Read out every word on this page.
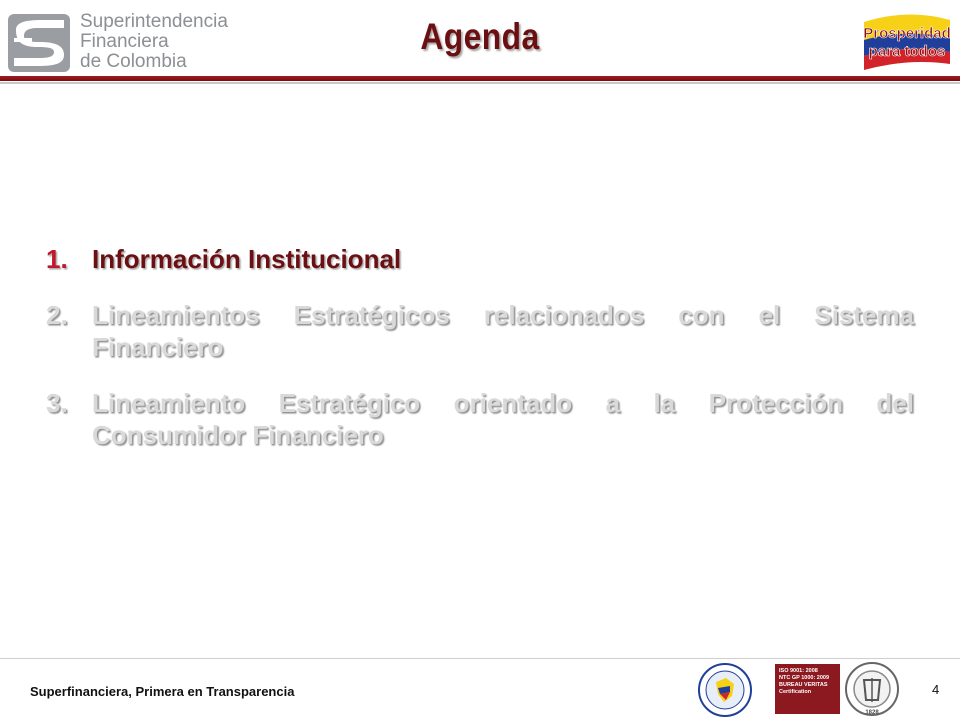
Superintendencia
Financiera
de Colombia
Agenda	Prosperidad
para todos
1. Información Institucional
2. Lineamientos Estratégicos relacionados con el Sistema Financiero
3. Lineamiento Estratégico orientado a la Protección del Consumidor Financiero
Superfinanciera, Primera en Transparencia	4
ISO 9001: 2008
NTC GP 1000: 2009
BUREAU VERITAS
Certification
1828
